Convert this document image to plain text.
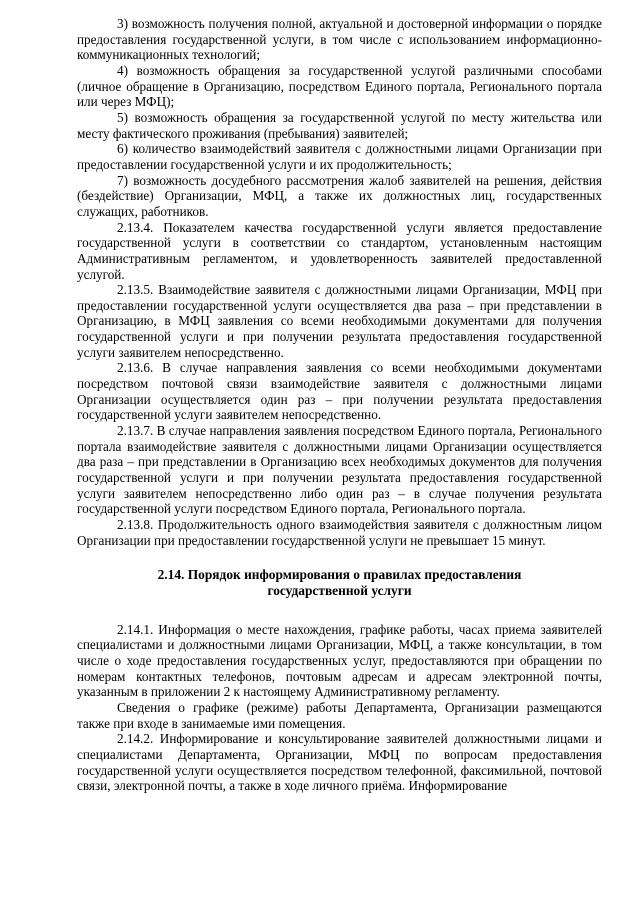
3) возможность получения полной, актуальной и достоверной информации о порядке предоставления государственной услуги, в том числе с использованием информационно-коммуникационных технологий;

4) возможность обращения за государственной услугой различными способами (личное обращение в Организацию, посредством Единого портала, Регионального портала или через МФЦ);

5) возможность обращения за государственной услугой по месту жительства или месту фактического проживания (пребывания) заявителей;

6) количество взаимодействий заявителя с должностными лицами Организации при предоставлении государственной услуги и их продолжительность;

7) возможность досудебного рассмотрения жалоб заявителей на решения, действия (бездействие) Организации, МФЦ, а также их должностных лиц, государственных служащих, работников.

2.13.4. Показателем качества государственной услуги является предоставление государственной услуги в соответствии со стандартом, установленным настоящим Административным регламентом, и удовлетворенность заявителей предоставленной услугой.

2.13.5. Взаимодействие заявителя с должностными лицами Организации, МФЦ при предоставлении государственной услуги осуществляется два раза – при представлении в Организацию, в МФЦ заявления со всеми необходимыми документами для получения государственной услуги и при получении результата предоставления государственной услуги заявителем непосредственно.

2.13.6. В случае направления заявления со всеми необходимыми документами посредством почтовой связи взаимодействие заявителя с должностными лицами Организации осуществляется один раз – при получении результата предоставления государственной услуги заявителем непосредственно.

2.13.7. В случае направления заявления посредством Единого портала, Регионального портала взаимодействие заявителя с должностными лицами Организации осуществляется два раза – при представлении в Организацию всех необходимых документов для получения государственной услуги и при получении результата предоставления государственной услуги заявителем непосредственно либо один раз – в случае получения результата государственной услуги посредством Единого портала, Регионального портала.

2.13.8. Продолжительность одного взаимодействия заявителя с должностным лицом Организации при предоставлении государственной услуги не превышает 15 минут.

2.14. Порядок информирования о правилах предоставления государственной услуги

2.14.1. Информация о месте нахождения, графике работы, часах приема заявителей специалистами и должностными лицами Организации, МФЦ, а также консультации, в том числе о ходе предоставления государственных услуг, предоставляются при обращении по номерам контактных телефонов, почтовым адресам и адресам электронной почты, указанным в приложении 2 к настоящему Административному регламенту.

Сведения о графике (режиме) работы Департамента, Организации размещаются также при входе в занимаемые ими помещения.

2.14.2. Информирование и консультирование заявителей должностными лицами и специалистами Департамента, Организации, МФЦ по вопросам предоставления государственной услуги осуществляется посредством телефонной, факсимильной, почтовой связи, электронной почты, а также в ходе личного приёма. Информирование
